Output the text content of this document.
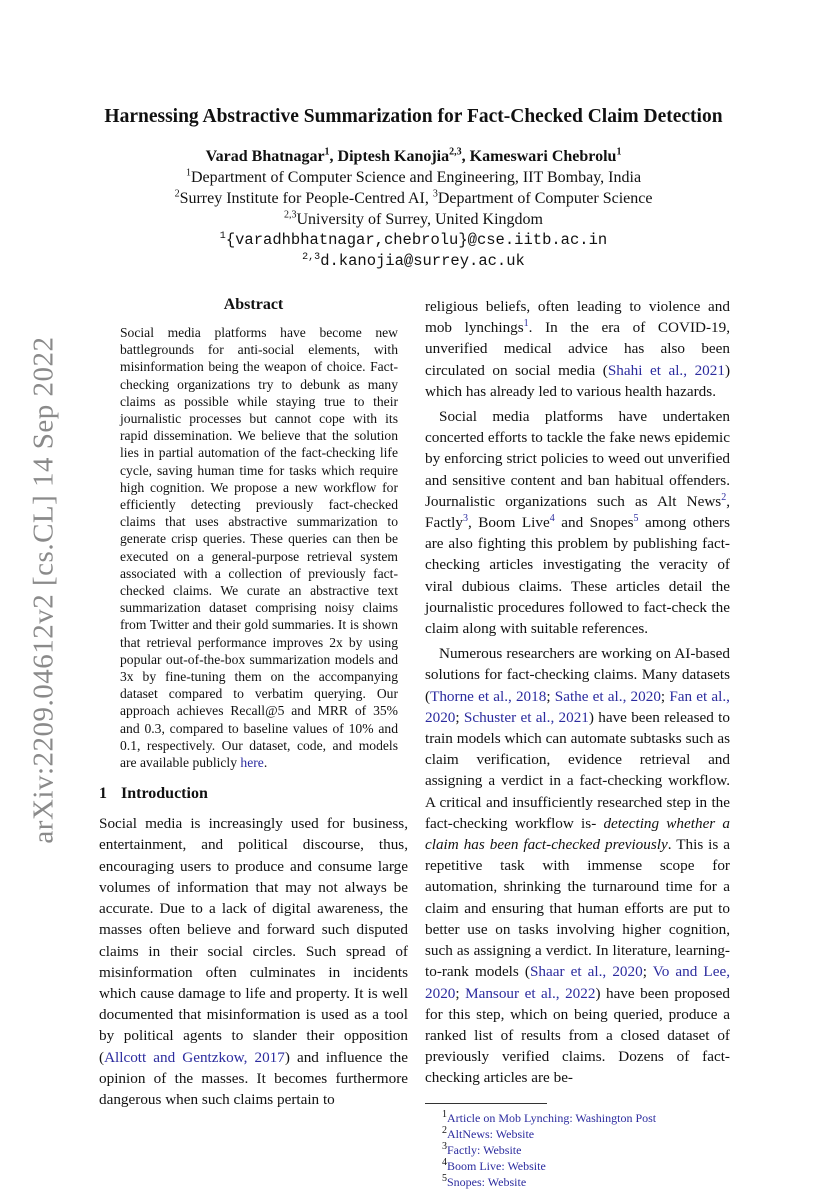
arXiv:2209.04612v2 [cs.CL] 14 Sep 2022
Harnessing Abstractive Summarization for Fact-Checked Claim Detection
Varad Bhatnagar$^1$, Diptesh Kanojia$^{2,3}$, Kameswari Chebrolu$^1$
$^1$Department of Computer Science and Engineering, IIT Bombay, India
$^2$Surrey Institute for People-Centred AI, $^3$Department of Computer Science
$^{2,3}$University of Surrey, United Kingdom
$^1${varadhbhatnagar,chebrolu}@cse.iitb.ac.in
$^{2,3}$d.kanojia@surrey.ac.uk
Abstract

Social media platforms have become new battlegrounds for anti-social elements, with misinformation being the weapon of choice. Fact-checking organizations try to debunk as many claims as possible while staying true to their journalistic processes but cannot cope with its rapid dissemination. We believe that the solution lies in partial automation of the fact-checking life cycle, saving human time for tasks which require high cognition. We propose a new workflow for efficiently detecting previously fact-checked claims that uses abstractive summarization to generate crisp queries. These queries can then be executed on a general-purpose retrieval system associated with a collection of previously fact-checked claims. We curate an abstractive text summarization dataset comprising noisy claims from Twitter and their gold summaries. It is shown that retrieval performance improves 2x by using popular out-of-the-box summarization models and 3x by fine-tuning them on the accompanying dataset compared to verbatim querying. Our approach achieves Recall@5 and MRR of 35% and 0.3, compared to baseline values of 10% and 0.1, respectively. Our dataset, code, and models are available publicly here.

1 Introduction

Social media is increasingly used for business, entertainment, and political discourse, thus, encouraging users to produce and consume large volumes of information that may not always be accurate. Due to a lack of digital awareness, the masses often believe and forward such disputed claims in their social circles. Such spread of misinformation often culminates in incidents which cause damage to life and property. It is well documented that misinformation is used as a tool by political agents to slander their opposition (Allcott and Gentzkow, 2017) and influence the opinion of the masses. It becomes furthermore dangerous when such claims pertain to

religious beliefs, often leading to violence and mob lynchings$^1$. In the era of COVID-19, unverified medical advice has also been circulated on social media (Shahi et al., 2021) which has already led to various health hazards.

Social media platforms have undertaken concerted efforts to tackle the fake news epidemic by enforcing strict policies to weed out unverified and sensitive content and ban habitual offenders. Journalistic organizations such as Alt News$^2$, Factly$^3$, Boom Live$^4$ and Snopes$^5$ among others are also fighting this problem by publishing fact-checking articles investigating the veracity of viral dubious claims. These articles detail the journalistic procedures followed to fact-check the claim along with suitable references.

Numerous researchers are working on AI-based solutions for fact-checking claims. Many datasets (Thorne et al., 2018; Sathe et al., 2020; Fan et al., 2020; Schuster et al., 2021) have been released to train models which can automate subtasks such as claim verification, evidence retrieval and assigning a verdict in a fact-checking workflow. A critical and insufficiently researched step in the fact-checking workflow is- detecting whether a claim has been fact-checked previously. This is a repetitive task with immense scope for automation, shrinking the turnaround time for a claim and ensuring that human efforts are put to better use on tasks involving higher cognition, such as assigning a verdict. In literature, learning-to-rank models (Shaar et al., 2020; Vo and Lee, 2020; Mansour et al., 2022) have been proposed for this step, which on being queried, produce a ranked list of results from a closed dataset of previously verified claims. Dozens of fact-checking articles are be-

$^1$Article on Mob Lynching: Washington Post
$^2$AltNews: Website
$^3$Factly: Website
$^4$Boom Live: Website
$^5$Snopes: Website
